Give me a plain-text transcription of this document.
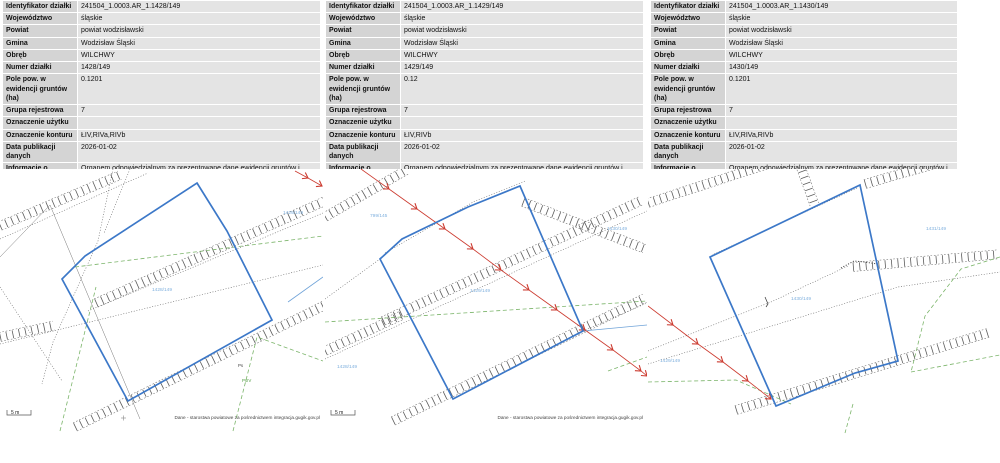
Identyfikator działki	241504_1.0003.AR_1.1428/149
Województwo	śląskie
Powiat	powiat wodzisławski
Gmina	Wodzisław Śląski
Obręb	WILCHWY
Numer działki	1428/149
Pole pow. w ewidencji gruntów (ha)	0.1201
Grupa rejestrowa	7
Oznaczenie użytku	
Oznaczenie konturu	ŁIV,RIVa,RIVb
Data publikacji danych	2026-01-02
Informacje o pochodzeniu danych	Organem odpowiedzialnym za prezentowane dane ewidencji gruntów i budynków jest właściwy miejscowo starosta (art. 7d pkt 1 lit. a tiret pierwsze ustawy Prawo geodezyjne i kartograficzne).
Identyfikator działki	241504_1.0003.AR_1.1429/149
Województwo	śląskie
Powiat	powiat wodzisławski
Gmina	Wodzisław Śląski
Obręb	WILCHWY
Numer działki	1429/149
Pole pow. w ewidencji gruntów (ha)	0.12
Grupa rejestrowa	7
Oznaczenie użytku	
Oznaczenie konturu	ŁIV,RIVb
Data publikacji danych	2026-01-02
Informacje o pochodzeniu danych	Organem odpowiedzialnym za prezentowane dane ewidencji gruntów i budynków jest właściwy miejscowo starosta (art. 7d pkt 1 lit. a tiret pierwsze ustawy Prawo geodezyjne i kartograficzne).
Identyfikator działki	241504_1.0003.AR_1.1430/149
Województwo	śląskie
Powiat	powiat wodzisławski
Gmina	Wodzisław Śląski
Obręb	WILCHWY
Numer działki	1430/149
Pole pow. w ewidencji gruntów (ha)	0.1201
Grupa rejestrowa	7
Oznaczenie użytku	
Oznaczenie konturu	ŁIV,RIVa,RIVb
Data publikacji danych	2026-01-02
Informacje o pochodzeniu danych	Organem odpowiedzialnym za prezentowane dane ewidencji gruntów i budynków jest właściwy miejscowo starosta (art. 7d pkt 1 lit. a tiret pierwsze ustawy Prawo geodezyjne i kartograficzne)
1428/149
1429/149
Ps
PsIV
5 m
Dane - starostwa powiatowe za pośrednictwem integracja.gugik.gov.pl
799/145
1429/149
1430/149
1428/149
5 m
Dane - starostwa powiatowe za pośrednictwem integracja.gugik.gov.pl
1430/149
1431/149
1429/149
